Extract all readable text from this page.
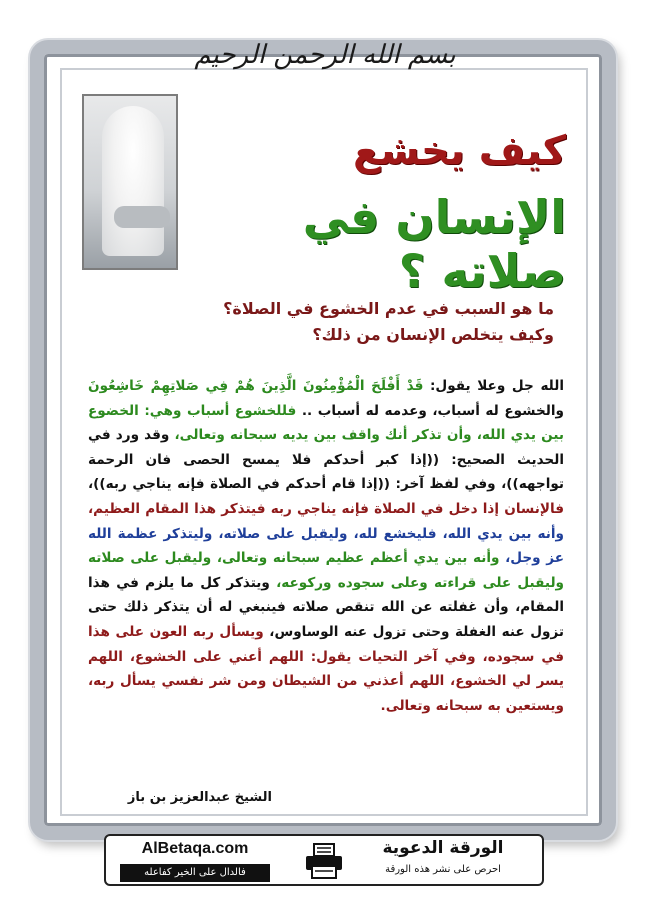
بسم الله الرحمن الرحيم
كيف يخشع
الإنسان في صلاته ؟
ما هو السبب في عدم الخشوع في الصلاة؟
وكيف يتخلص الإنسان من ذلك؟
الله جل وعلا يقول: قَدْ أَفْلَحَ الْمُؤْمِنُونَ الَّذِينَ هُمْ فِي صَلاتِهِمْ خَاشِعُونَ والخشوع له أسباب، وعدمه له أسباب .. فللخشوع أسباب وهي: الخضوع بين يدي الله، وأن تذكر أنك واقف بين يديه سبحانه وتعالى، وقد ورد في الحديث الصحيح: ((إذا كبر أحدكم فلا يمسح الحصى فان الرحمة تواجهه))، وفي لفظ آخر: ((إذا قام أحدكم في الصلاة فإنه يناجي ربه))، فالإنسان إذا دخل في الصلاة فإنه يناجي ربه فيتذكر هذا المقام العظيم، وأنه بين يدي الله، فليخشع لله، وليقبل على صلاته، وليتذكر عظمة الله عز وجل، وأنه بين يدي أعظم عظيم سبحانه وتعالى، وليقبل على صلاته وليقبل على قراءته وعلى سجوده وركوعه، ويتذكر كل ما يلزم في هذا المقام، وأن غفلته عن الله تنقص صلاته فينبغي له أن يتذكر ذلك حتى تزول عنه الغفلة وحتى تزول عنه الوساوس، ويسأل ربه العون على هذا في سجوده، وفي آخر التحيات يقول: اللهم أعني على الخشوع، اللهم يسر لي الخشوع، اللهم أعذني من الشيطان ومن شر نفسي يسأل ربه، ويستعين به سبحانه وتعالى.
الشيخ عبدالعزيز بن باز
AlBetaqa.com
فالدال على الخير كفاعله
الورقة الدعوية
احرص على نشر هذه الورقة
